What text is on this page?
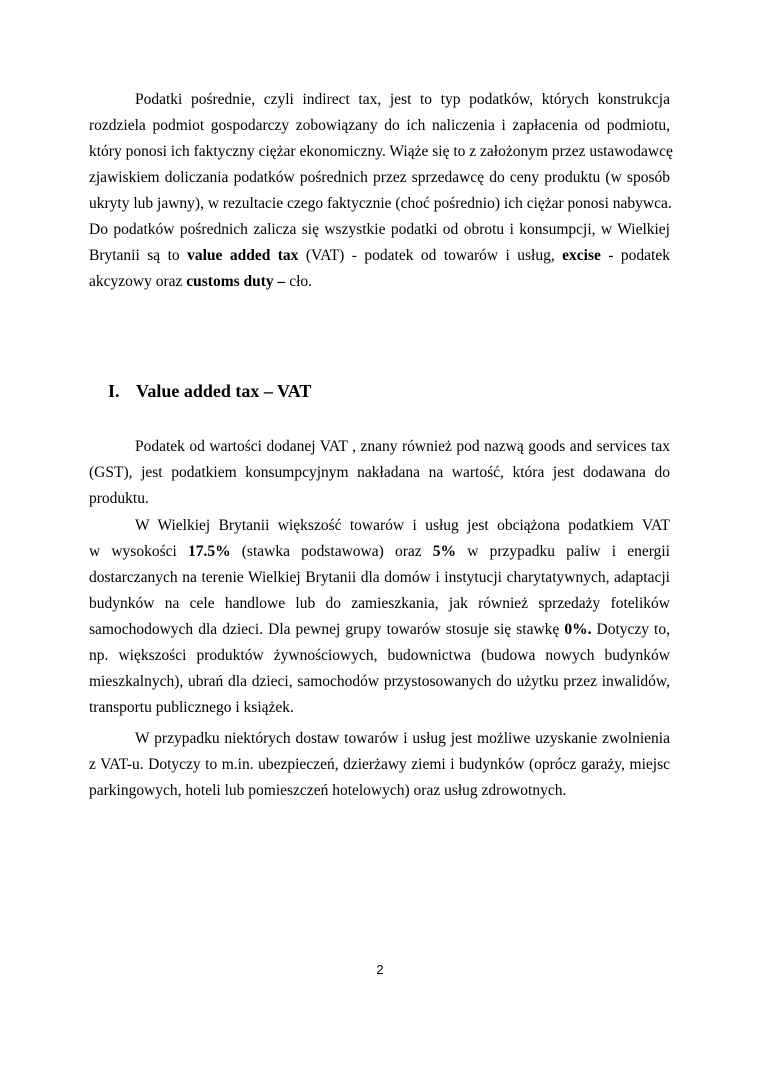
Podatki pośrednie, czyli indirect tax, jest to typ podatków, których konstrukcja
rozdziela podmiot gospodarczy zobowiązany do ich naliczenia i zapłacenia od podmiotu,
który ponosi ich faktyczny ciężar ekonomiczny. Wiąże się to z założonym przez ustawodawcę
zjawiskiem doliczania podatków pośrednich przez sprzedawcę do ceny produktu (w sposób
ukryty lub jawny), w rezultacie czego faktycznie (choć pośrednio) ich ciężar ponosi nabywca.
Do podatków pośrednich zalicza się wszystkie podatki od obrotu i konsumpcji, w Wielkiej
Brytanii są to value added tax (VAT) - podatek od towarów i usług, excise - podatek
akcyzowy oraz customs duty – cło.
I. Value added tax – VAT
Podatek od wartości dodanej VAT , znany również pod nazwą goods and services tax
(GST), jest podatkiem konsumpcyjnym nakładana na wartość, która jest dodawana do
produktu.
W Wielkiej Brytanii większość towarów i usług jest obciążona podatkiem VAT
w wysokości 17.5% (stawka podstawowa) oraz 5% w przypadku paliw i energii
dostarczanych na terenie Wielkiej Brytanii dla domów i instytucji charytatywnych, adaptacji
budynków na cele handlowe lub do zamieszkania, jak również sprzedaży fotelików
samochodowych dla dzieci. Dla pewnej grupy towarów stosuje się stawkę 0%. Dotyczy to,
np. większości produktów żywnościowych, budownictwa (budowa nowych budynków
mieszkalnych), ubrań dla dzieci, samochodów przystosowanych do użytku przez inwalidów,
transportu publicznego i książek.
W przypadku niektórych dostaw towarów i usług jest możliwe uzyskanie zwolnienia
z VAT-u. Dotyczy to m.in. ubezpieczeń, dzierżawy ziemi i budynków (oprócz garaży, miejsc
parkingowych, hoteli lub pomieszczeń hotelowych) oraz usług zdrowotnych.
2
